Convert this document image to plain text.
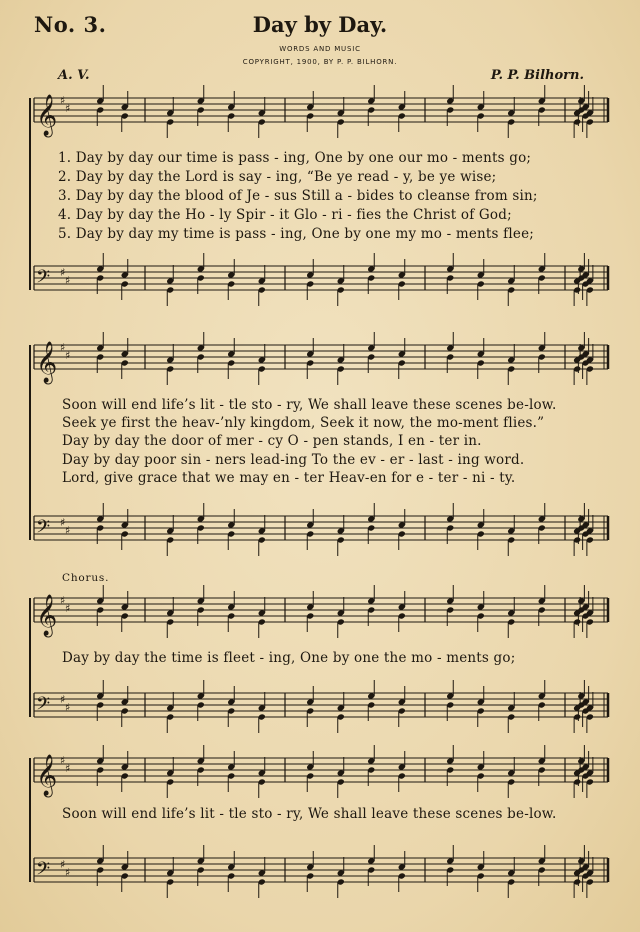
No. 3.	Day by Day.
WORDS AND MUSIC
COPYRIGHT, 1900, BY P. P. BILHORN.
A. V.	P. P. Bilhorn.
𝄞 ♯
♯
𝄢 ♯
♯
𝄞 ♯
♯
𝄢 ♯
♯
𝄞 ♯
♯
𝄢 ♯
♯
𝄞 ♯
♯
𝄢 ♯
♯
1. Day by day our time is pass - ing, One by one our mo - ments go;
2. Day by day the Lord is say - ing, “Be ye read - y, be ye wise;
3. Day by day the blood of Je - sus Still a - bides to cleanse from sin;
4. Day by day the Ho - ly Spir - it Glo - ri - fies the Christ of God;
5. Day by day my time is pass - ing, One by one my mo - ments flee;
Soon will end life’s lit - tle sto - ry, We shall leave these scenes be-low.
Seek ye first the heav-’nly kingdom, Seek it now, the mo-ment flies.”
Day by day the door of mer - cy O - pen stands, I en - ter in.
Day by day poor sin - ners lead-ing To the ev - er - last - ing word.
Lord, give grace that we may en - ter Heav-en for e - ter - ni - ty.
Chorus.
Day by day the time is fleet - ing, One by one the mo - ments go;
Soon will end life’s lit - tle sto - ry, We shall leave these scenes be-low.
